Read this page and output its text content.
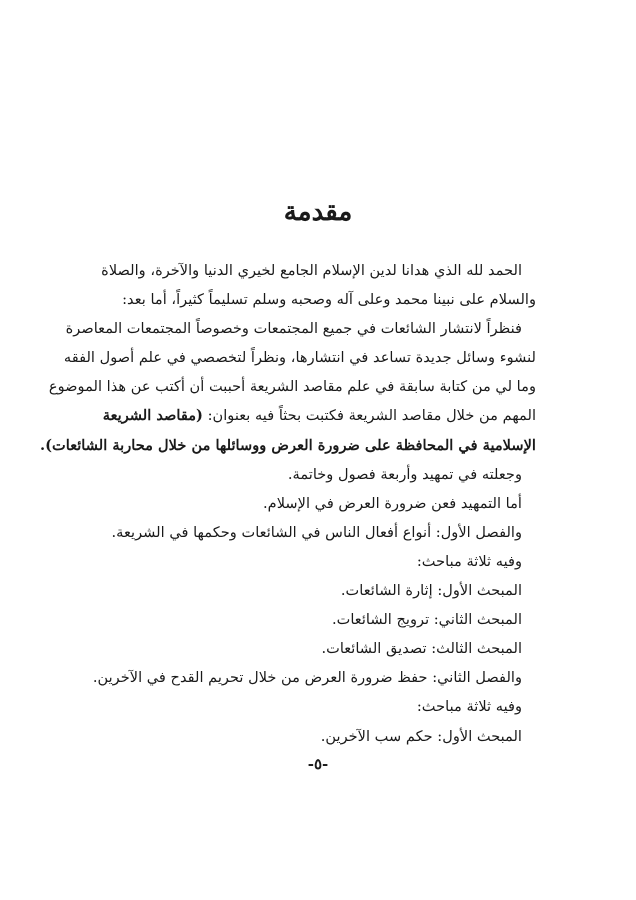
مقدمة
الحمد لله الذي هدانا لدين الإسلام الجامع لخيري الدنيا والآخرة، والصلاة
والسلام على نبينا محمد وعلى آله وصحبه وسلم تسليماً كثيراً، أما بعد:
فنظراً لانتشار الشائعات في جميع المجتمعات وخصوصاً المجتمعات المعاصرة
لنشوء وسائل جديدة تساعد في انتشارها، ونظراً لتخصصي في علم أصول الفقه
وما لي من كتابة سابقة في علم مقاصد الشريعة أحببت أن أكتب عن هذا الموضوع
المهم من خلال مقاصد الشريعة فكتبت بحثاً فيه بعنوان: (مقاصد الشريعة
الإسلامية في المحافظة على ضرورة العرض ووسائلها من خلال محاربة الشائعات).
وجعلته في تمهيد وأربعة فصول وخاتمة.
أما التمهيد فعن ضرورة العرض في الإسلام.
والفصل الأول: أنواع أفعال الناس في الشائعات وحكمها في الشريعة.
وفيه ثلاثة مباحث:
المبحث الأول: إثارة الشائعات.
المبحث الثاني: ترويج الشائعات.
المبحث الثالث: تصديق الشائعات.
والفصل الثاني: حفظ ضرورة العرض من خلال تحريم القدح في الآخرين.
وفيه ثلاثة مباحث:
المبحث الأول: حكم سب الآخرين.
-٥-
